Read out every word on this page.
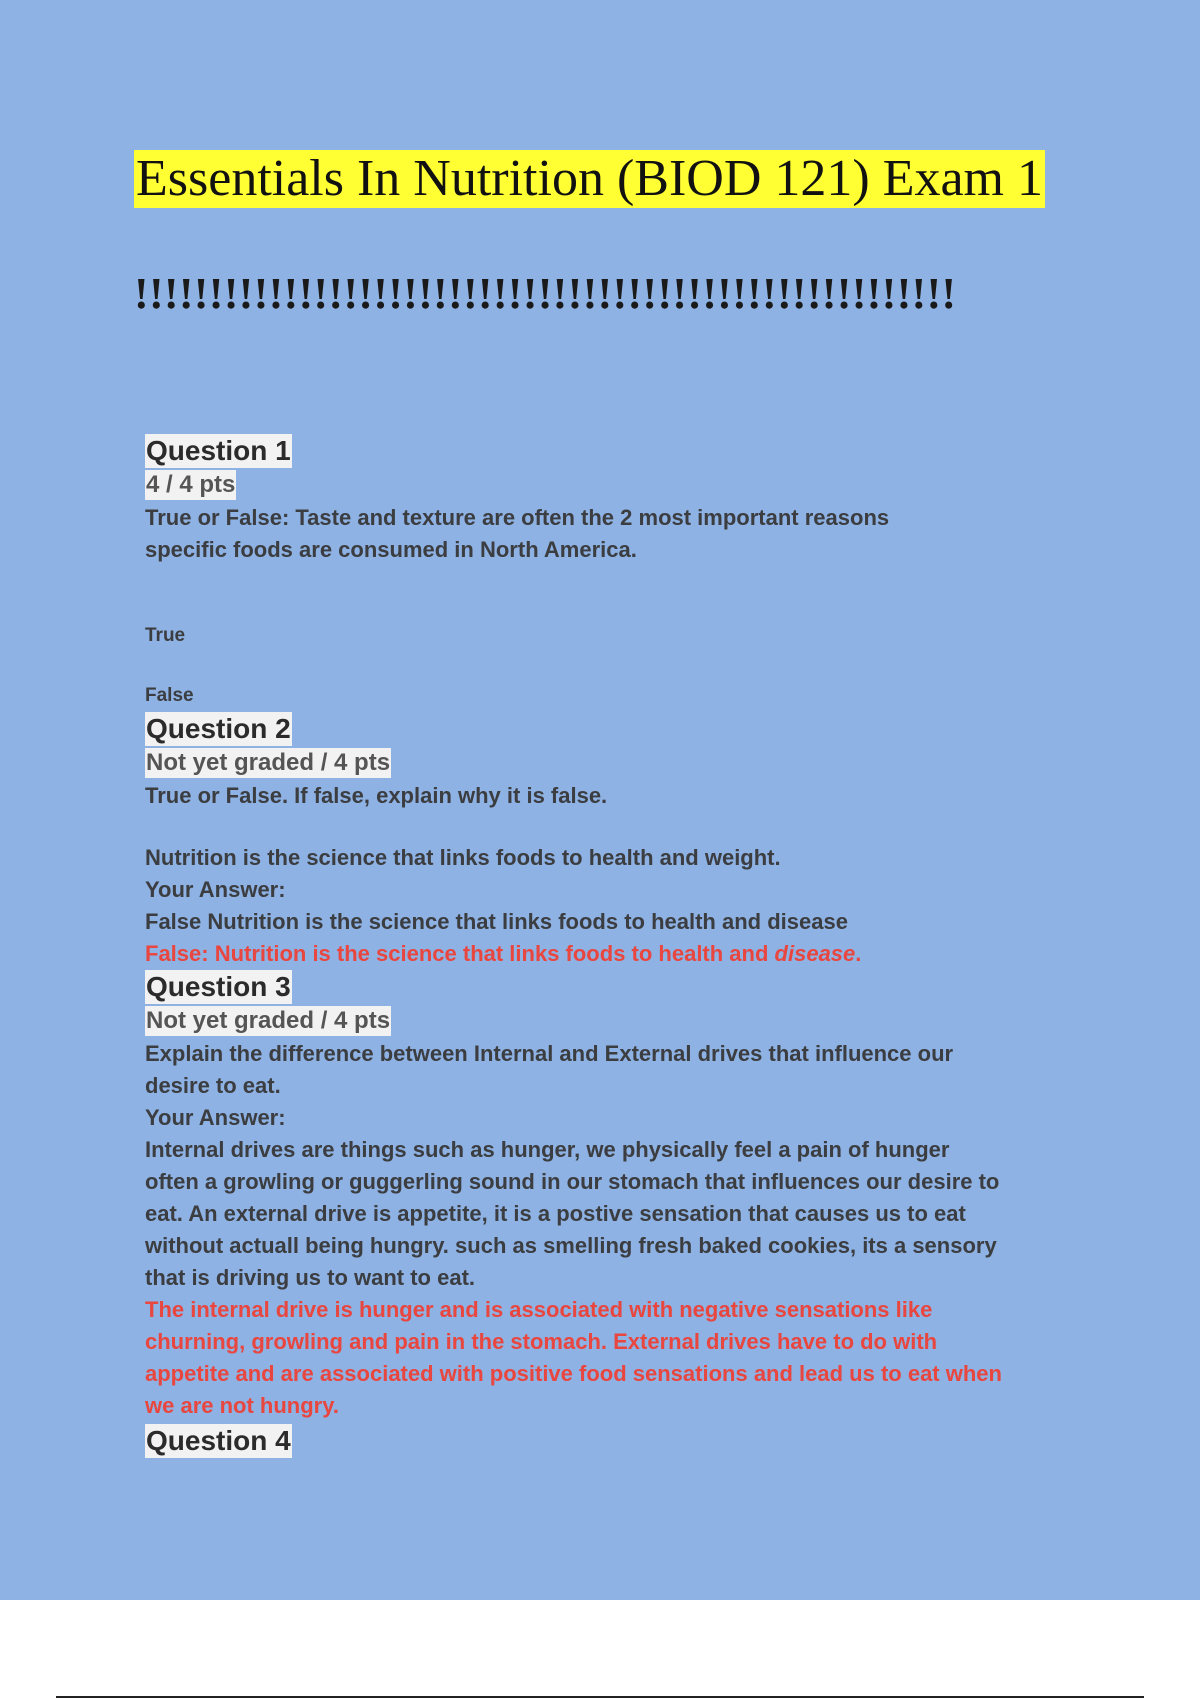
Essentials In Nutrition (BIOD 121) Exam 1
!!!!!!!!!!!!!!!!!!!!!!!!!!!!!!!!!!!!!!!!!!!!!!!!!!!!!!!
Question 1
4 / 4 pts
True or False: Taste and texture are often the 2 most important reasons
specific foods are consumed in North America.
True
False
Question 2
Not yet graded / 4 pts
True or False. If false, explain why it is false.
Nutrition is the science that links foods to health and weight.
Your Answer:
False Nutrition is the science that links foods to health and disease
False: Nutrition is the science that links foods to health and disease.
Question 3
Not yet graded / 4 pts
Explain the difference between Internal and External drives that influence our
desire to eat.
Your Answer:
Internal drives are things such as hunger, we physically feel a pain of hunger
often a growling or guggerling sound in our stomach that influences our desire to
eat. An external drive is appetite, it is a postive sensation that causes us to eat
without actuall being hungry. such as smelling fresh baked cookies, its a sensory
that is driving us to want to eat.
The internal drive is hunger and is associated with negative sensations like
churning, growling and pain in the stomach. External drives have to do with
appetite and are associated with positive food sensations and lead us to eat when
we are not hungry.
Question 4
